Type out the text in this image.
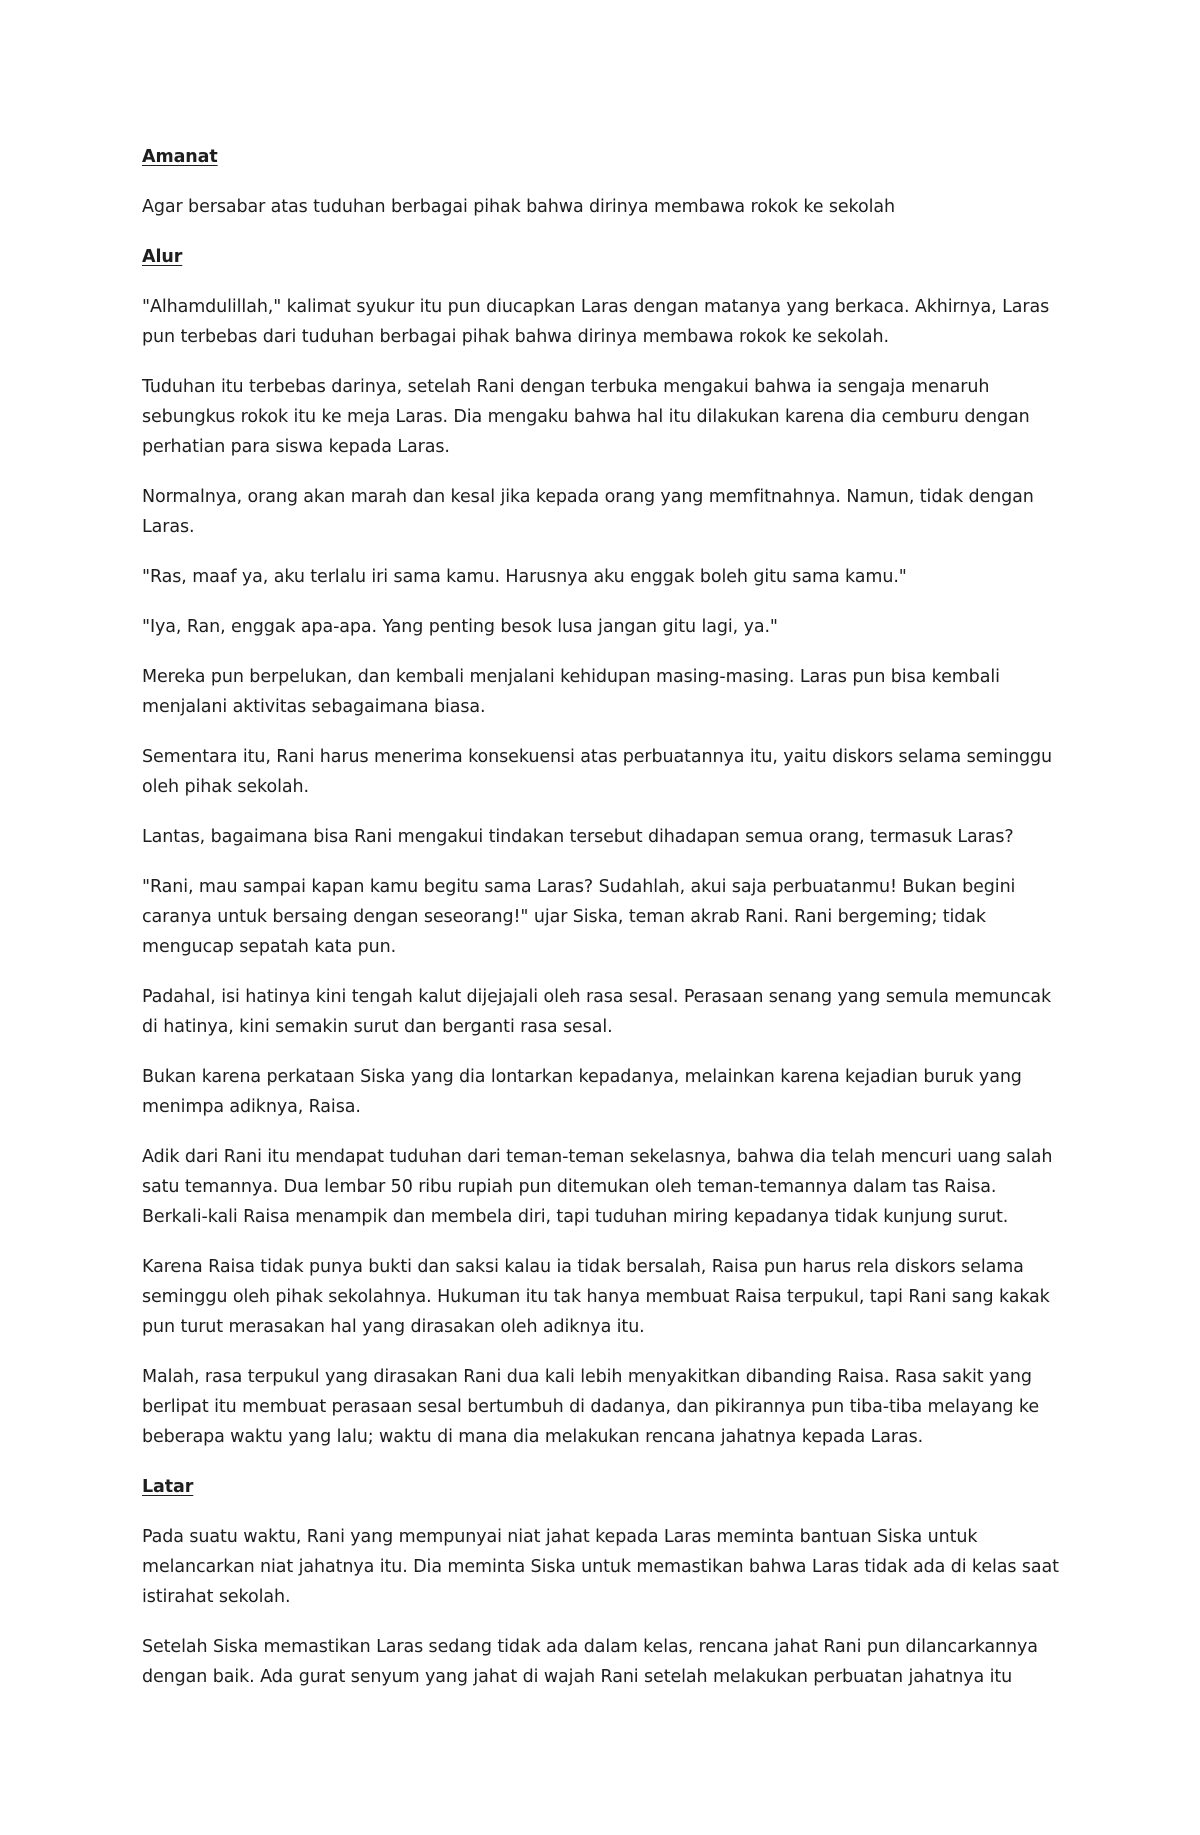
Amanat
Agar bersabar atas tuduhan berbagai pihak bahwa dirinya membawa rokok ke sekolah
Alur
"Alhamdulillah," kalimat syukur itu pun diucapkan Laras dengan matanya yang berkaca. Akhirnya, Laras pun terbebas dari tuduhan berbagai pihak bahwa dirinya membawa rokok ke sekolah.
Tuduhan itu terbebas darinya, setelah Rani dengan terbuka mengakui bahwa ia sengaja menaruh sebungkus rokok itu ke meja Laras. Dia mengaku bahwa hal itu dilakukan karena dia cemburu dengan perhatian para siswa kepada Laras.
Normalnya, orang akan marah dan kesal jika kepada orang yang memfitnahnya. Namun, tidak dengan Laras.
"Ras, maaf ya, aku terlalu iri sama kamu. Harusnya aku enggak boleh gitu sama kamu."
"Iya, Ran, enggak apa-apa. Yang penting besok lusa jangan gitu lagi, ya."
Mereka pun berpelukan, dan kembali menjalani kehidupan masing-masing. Laras pun bisa kembali menjalani aktivitas sebagaimana biasa.
Sementara itu, Rani harus menerima konsekuensi atas perbuatannya itu, yaitu diskors selama seminggu oleh pihak sekolah.
Lantas, bagaimana bisa Rani mengakui tindakan tersebut dihadapan semua orang, termasuk Laras?
"Rani, mau sampai kapan kamu begitu sama Laras? Sudahlah, akui saja perbuatanmu! Bukan begini caranya untuk bersaing dengan seseorang!" ujar Siska, teman akrab Rani. Rani bergeming; tidak mengucap sepatah kata pun.
Padahal, isi hatinya kini tengah kalut dijejajali oleh rasa sesal. Perasaan senang yang semula memuncak di hatinya, kini semakin surut dan berganti rasa sesal.
Bukan karena perkataan Siska yang dia lontarkan kepadanya, melainkan karena kejadian buruk yang menimpa adiknya, Raisa.
Adik dari Rani itu mendapat tuduhan dari teman-teman sekelasnya, bahwa dia telah mencuri uang salah satu temannya. Dua lembar 50 ribu rupiah pun ditemukan oleh teman-temannya dalam tas Raisa. Berkali-kali Raisa menampik dan membela diri, tapi tuduhan miring kepadanya tidak kunjung surut.
Karena Raisa tidak punya bukti dan saksi kalau ia tidak bersalah, Raisa pun harus rela diskors selama seminggu oleh pihak sekolahnya. Hukuman itu tak hanya membuat Raisa terpukul, tapi Rani sang kakak pun turut merasakan hal yang dirasakan oleh adiknya itu.
Malah, rasa terpukul yang dirasakan Rani dua kali lebih menyakitkan dibanding Raisa. Rasa sakit yang berlipat itu membuat perasaan sesal bertumbuh di dadanya, dan pikirannya pun tiba-tiba melayang ke beberapa waktu yang lalu; waktu di mana dia melakukan rencana jahatnya kepada Laras.
Latar
Pada suatu waktu, Rani yang mempunyai niat jahat kepada Laras meminta bantuan Siska untuk melancarkan niat jahatnya itu. Dia meminta Siska untuk memastikan bahwa Laras tidak ada di kelas saat istirahat sekolah.
Setelah Siska memastikan Laras sedang tidak ada dalam kelas, rencana jahat Rani pun dilancarkannya dengan baik. Ada gurat senyum yang jahat di wajah Rani setelah melakukan perbuatan jahatnya itu
